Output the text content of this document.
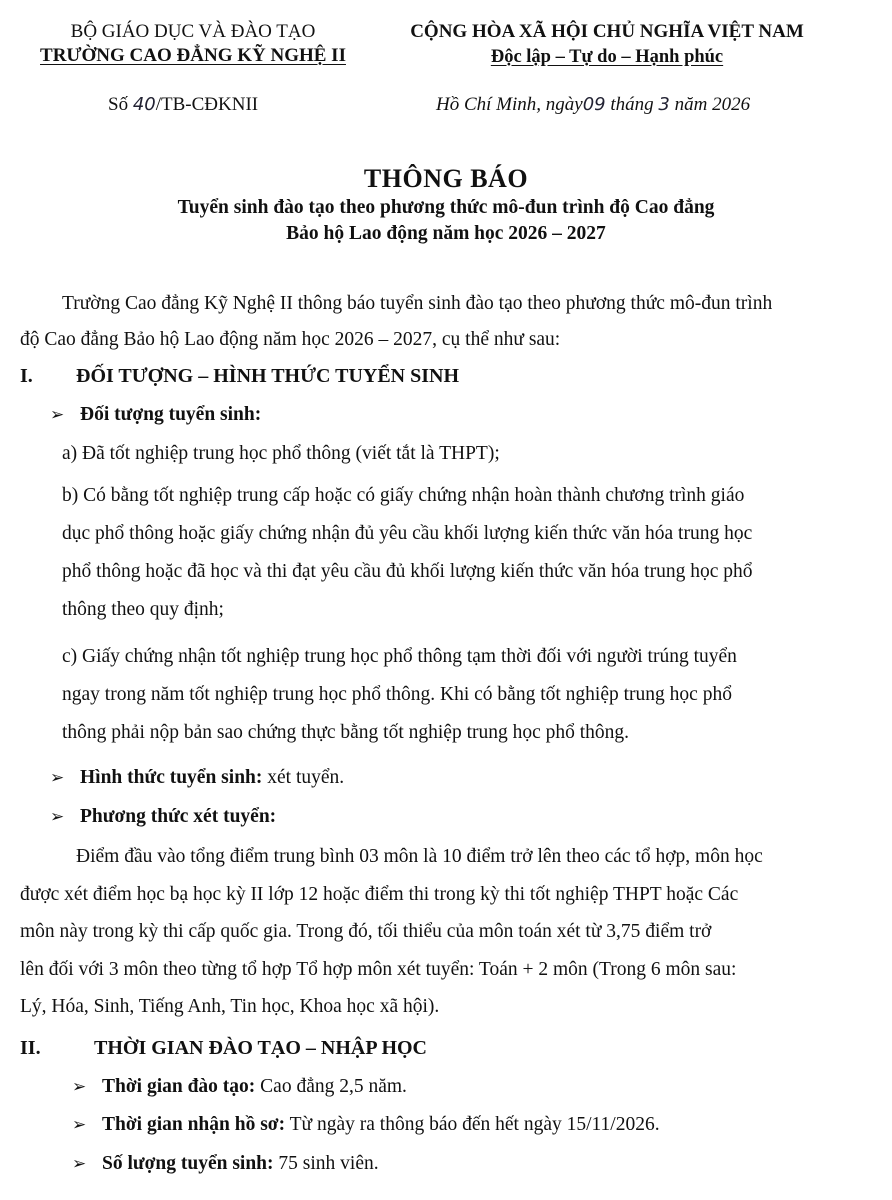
BỘ GIÁO DỤC VÀ ĐÀO TẠO
TRƯỜNG CAO ĐẲNG KỸ NGHỆ II
CỘNG HÒA XÃ HỘI CHỦ NGHĨA VIỆT NAM
Độc lập – Tự do – Hạnh phúc
Số 40/TB-CĐKNII	Hồ Chí Minh, ngày09 tháng 3 năm 2026
THÔNG BÁO
Tuyển sinh đào tạo theo phương thức mô-đun trình độ Cao đẳng
Bảo hộ Lao động năm học 2026 – 2027
Trường Cao đẳng Kỹ Nghệ II thông báo tuyển sinh đào tạo theo phương thức mô-đun trình
độ Cao đẳng Bảo hộ Lao động năm học 2026 – 2027, cụ thể như sau:
I. ĐỐI TƯỢNG – HÌNH THỨC TUYỂN SINH
➢ Đối tượng tuyển sinh:
a) Đã tốt nghiệp trung học phổ thông (viết tắt là THPT);
b) Có bằng tốt nghiệp trung cấp hoặc có giấy chứng nhận hoàn thành chương trình giáo
dục phổ thông hoặc giấy chứng nhận đủ yêu cầu khối lượng kiến thức văn hóa trung học
phổ thông hoặc đã học và thi đạt yêu cầu đủ khối lượng kiến thức văn hóa trung học phổ
thông theo quy định;
c) Giấy chứng nhận tốt nghiệp trung học phổ thông tạm thời đối với người trúng tuyển
ngay trong năm tốt nghiệp trung học phổ thông. Khi có bằng tốt nghiệp trung học phổ
thông phải nộp bản sao chứng thực bằng tốt nghiệp trung học phổ thông.
➢ Hình thức tuyển sinh: xét tuyển.
➢ Phương thức xét tuyển:
Điểm đầu vào tổng điểm trung bình 03 môn là 10 điểm trở lên theo các tổ hợp, môn học
được xét điểm học bạ học kỳ II lớp 12 hoặc điểm thi trong kỳ thi tốt nghiệp THPT hoặc Các
môn này trong kỳ thi cấp quốc gia. Trong đó, tối thiểu của môn toán xét từ 3,75 điểm trở
lên đối với 3 môn theo từng tổ hợp Tổ hợp môn xét tuyển: Toán + 2 môn (Trong 6 môn sau:
Lý, Hóa, Sinh, Tiếng Anh, Tin học, Khoa học xã hội).
II.	THỜI GIAN ĐÀO TẠO – NHẬP HỌC
➢ Thời gian đào tạo: Cao đẳng 2,5 năm.
➢ Thời gian nhận hồ sơ: Từ ngày ra thông báo đến hết ngày 15/11/2026.
➢ Số lượng tuyển sinh: 75 sinh viên.
